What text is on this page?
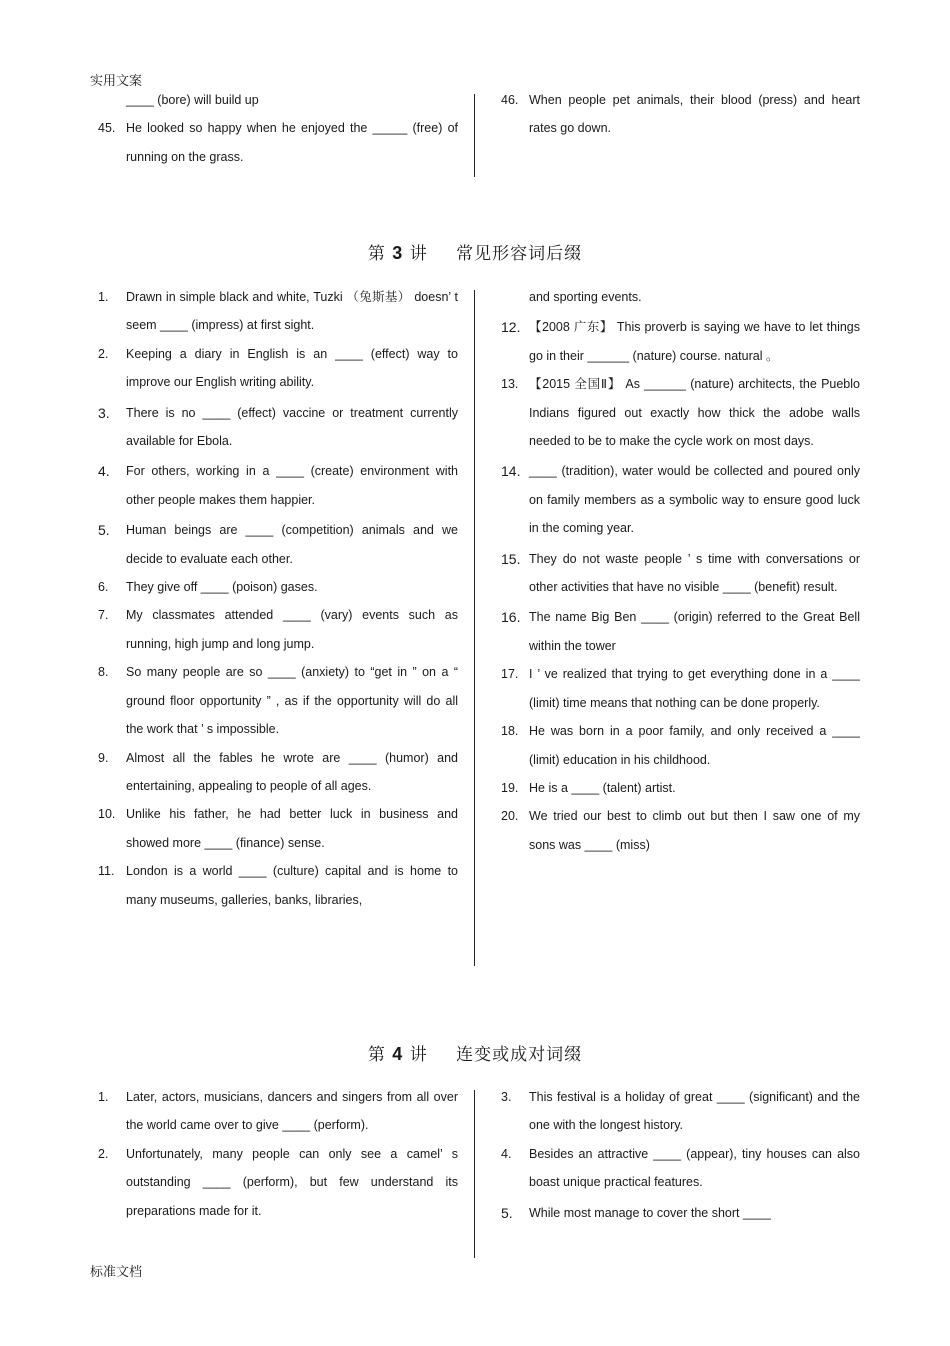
实用文案
____ (bore) will build up
45. He looked so happy when he enjoyed the _____ (free) of running on the grass.
46. When people pet animals, their blood (press) and heart rates go down.
第 3 讲 常见形容词后缀
1. Drawn in simple black and white, Tuzki （兔斯基） doesn’ t seem ____ (impress) at first sight.
2. Keeping a diary in English is an ____ (effect) way to improve our English writing ability.
3. There is no ____ (effect) vaccine or treatment currently available for Ebola.
4. For others, working in a ____ (create) environment with other people makes them happier.
5. Human beings are ____ (competition) animals and we decide to evaluate each other.
6. They give off ____ (poison) gases.
7. My classmates attended ____ (vary) events such as running, high jump and long jump.
8. So many people are so ____ (anxiety) to “get in ” on a “ ground floor opportunity ” , as if the opportunity will do all the work that ’ s impossible.
9. Almost all the fables he wrote are ____ (humor) and entertaining, appealing to people of all ages.
10. Unlike his father, he had better luck in business and showed more ____ (finance) sense.
11. London is a world ____ (culture) capital and is home to many museums, galleries, banks, libraries,
and sporting events.
12. 【2008 广东】 This proverb is saying we have to let things go in their ______ (nature) course. natural 。
13. 【2015 全国Ⅱ】 As ______ (nature) architects, the Pueblo Indians figured out exactly how thick the adobe walls needed to be to make the cycle work on most days.
14. ____ (tradition), water would be collected and poured only on family members as a symbolic way to ensure good luck in the coming year.
15. They do not waste people ’ s time with conversations or other activities that have no visible ____ (benefit) result.
16. The name Big Ben ____ (origin) referred to the Great Bell within the tower
17. I ’ ve realized that trying to get everything done in a ____ (limit) time means that nothing can be done properly.
18. He was born in a poor family, and only received a ____ (limit) education in his childhood.
19. He is a ____ (talent) artist.
20. We tried our best to climb out but then I saw one of my sons was ____ (miss)
第 4 讲 连变或成对词缀
1. Later, actors, musicians, dancers and singers from all over the world came over to give ____ (perform).
2. Unfortunately, many people can only see a camel’ s outstanding ____ (perform), but few understand its preparations made for it.
3. This festival is a holiday of great ____ (significant) and the one with the longest history.
4. Besides an attractive ____ (appear), tiny houses can also boast unique practical features.
5. While most manage to cover the short ____
标准文档
